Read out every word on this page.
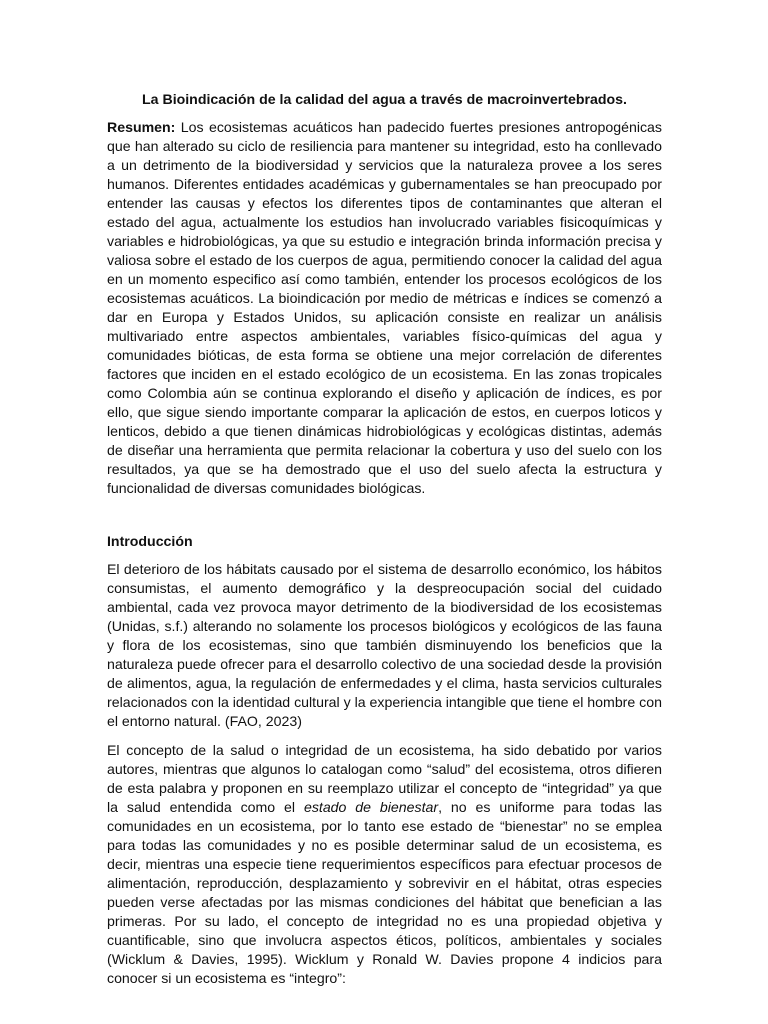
La Bioindicación de la calidad del agua a través de macroinvertebrados.

Resumen: Los ecosistemas acuáticos han padecido fuertes presiones antropogénicas que han alterado su ciclo de resiliencia para mantener su integridad, esto ha conllevado a un detrimento de la biodiversidad y servicios que la naturaleza provee a los seres humanos. Diferentes entidades académicas y gubernamentales se han preocupado por entender las causas y efectos los diferentes tipos de contaminantes que alteran el estado del agua, actualmente los estudios han involucrado variables fisicoquímicas y variables e hidrobiológicas, ya que su estudio e integración brinda información precisa y valiosa sobre el estado de los cuerpos de agua, permitiendo conocer la calidad del agua en un momento especifico así como también, entender los procesos ecológicos de los ecosistemas acuáticos. La bioindicación por medio de métricas e índices se comenzó a dar en Europa y Estados Unidos, su aplicación consiste en realizar un análisis multivariado entre aspectos ambientales, variables físico-químicas del agua y comunidades bióticas, de esta forma se obtiene una mejor correlación de diferentes factores que inciden en el estado ecológico de un ecosistema. En las zonas tropicales como Colombia aún se continua explorando el diseño y aplicación de índices, es por ello, que sigue siendo importante comparar la aplicación de estos, en cuerpos loticos y lenticos, debido a que tienen dinámicas hidrobiológicas y ecológicas distintas, además de diseñar una herramienta que permita relacionar la cobertura y uso del suelo con los resultados, ya que se ha demostrado que el uso del suelo afecta la estructura y funcionalidad de diversas comunidades biológicas.

Introducción

El deterioro de los hábitats causado por el sistema de desarrollo económico, los hábitos consumistas, el aumento demográfico y la despreocupación social del cuidado ambiental, cada vez provoca mayor detrimento de la biodiversidad de los ecosistemas (Unidas, s.f.) alterando no solamente los procesos biológicos y ecológicos de las fauna y flora de los ecosistemas, sino que también disminuyendo los beneficios que la naturaleza puede ofrecer para el desarrollo colectivo de una sociedad desde la provisión de alimentos, agua, la regulación de enfermedades y el clima, hasta servicios culturales relacionados con la identidad cultural y la experiencia intangible que tiene el hombre con el entorno natural. (FAO, 2023)

El concepto de la salud o integridad de un ecosistema, ha sido debatido por varios autores, mientras que algunos lo catalogan como “salud” del ecosistema, otros difieren de esta palabra y proponen en su reemplazo utilizar el concepto de “integridad” ya que la salud entendida como el estado de bienestar, no es uniforme para todas las comunidades en un ecosistema, por lo tanto ese estado de “bienestar” no se emplea para todas las comunidades y no es posible determinar salud de un ecosistema, es decir, mientras una especie tiene requerimientos específicos para efectuar procesos de alimentación, reproducción, desplazamiento y sobrevivir en el hábitat, otras especies pueden verse afectadas por las mismas condiciones del hábitat que benefician a las primeras. Por su lado, el concepto de integridad no es una propiedad objetiva y cuantificable, sino que involucra aspectos éticos, políticos, ambientales y sociales (Wicklum & Davies, 1995). Wicklum y Ronald W. Davies propone 4 indicios para conocer si un ecosistema es “integro”:
